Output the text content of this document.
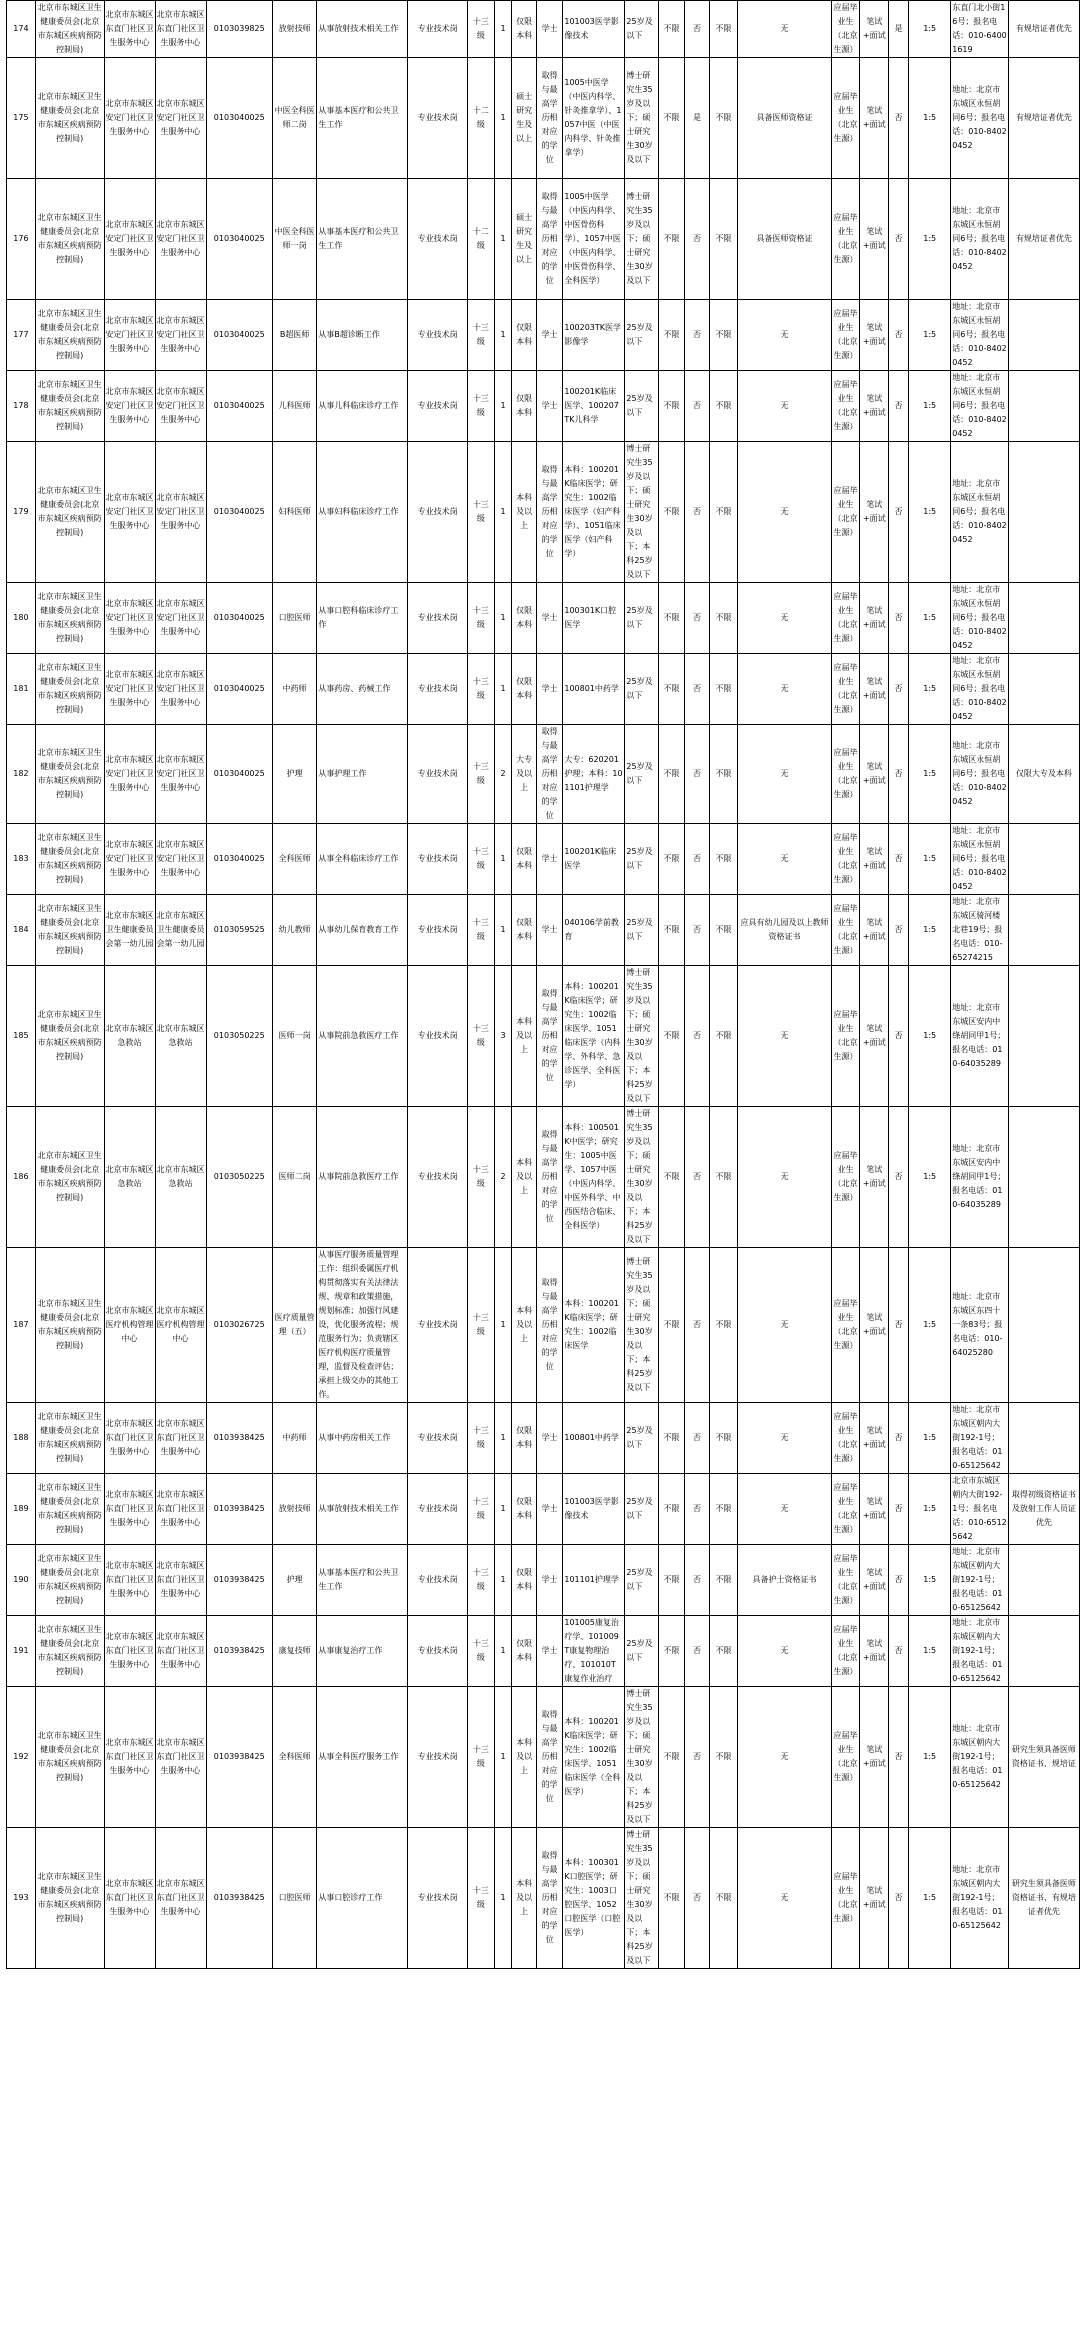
174	北京市东城区卫生健康委员会(北京市东城区疾病预防控制局)	北京市东城区东直门社区卫生服务中心	北京市东城区东直门社区卫生服务中心	0103039825	放射技师	从事放射技术相关工作	专业技术岗	十三级	1	仅限本科	学士	101003医学影像技术	25岁及以下	不限	否	不限	无	应届毕业生（北京生源）	笔试+面试	是	1:5	东直门北小街16号；报名电话：010-64001619	有规培证者优先
175	北京市东城区卫生健康委员会(北京市东城区疾病预防控制局)	北京市东城区安定门社区卫生服务中心	北京市东城区安定门社区卫生服务中心	0103040025	中医全科医师二岗	从事基本医疗和公共卫生工作	专业技术岗	十二级	1	硕士研究生及以上	取得与最高学历相对应的学位	1005中医学（中医内科学、针灸推拿学）、1057中医（中医内科学、针灸推拿学）	博士研究生35岁及以下；硕士研究生30岁及以下	不限	是	不限	具备医师资格证	应届毕业生（北京生源）	笔试+面试	否	1:5	地址：北京市东城区永恒胡同6号；报名电话：010-84020452	有规培证者优先
176	北京市东城区卫生健康委员会(北京市东城区疾病预防控制局)	北京市东城区安定门社区卫生服务中心	北京市东城区安定门社区卫生服务中心	0103040025	中医全科医师一岗	从事基本医疗和公共卫生工作	专业技术岗	十二级	1	硕士研究生及以上	取得与最高学历相对应的学位	1005中医学（中医内科学、中医骨伤科学）、1057中医（中医内科学、中医骨伤科学、全科医学）	博士研究生35岁及以下；硕士研究生30岁及以下	不限	否	不限	具备医师资格证	应届毕业生（北京生源）	笔试+面试	否	1:5	地址：北京市东城区永恒胡同6号；报名电话：010-84020452	有规培证者优先
177	北京市东城区卫生健康委员会(北京市东城区疾病预防控制局)	北京市东城区安定门社区卫生服务中心	北京市东城区安定门社区卫生服务中心	0103040025	B超医师	从事B超诊断工作	专业技术岗	十三级	1	仅限本科	学士	100203TK医学影像学	25岁及以下	不限	否	不限	无	应届毕业生（北京生源）	笔试+面试	否	1:5	地址：北京市东城区永恒胡同6号；报名电话：010-84020452	
178	北京市东城区卫生健康委员会(北京市东城区疾病预防控制局)	北京市东城区安定门社区卫生服务中心	北京市东城区安定门社区卫生服务中心	0103040025	儿科医师	从事儿科临床诊疗工作	专业技术岗	十三级	1	仅限本科	学士	100201K临床医学、100207TK儿科学	25岁及以下	不限	否	不限	无	应届毕业生（北京生源）	笔试+面试	否	1:5	地址：北京市东城区永恒胡同6号；报名电话：010-84020452	
179	北京市东城区卫生健康委员会(北京市东城区疾病预防控制局)	北京市东城区安定门社区卫生服务中心	北京市东城区安定门社区卫生服务中心	0103040025	妇科医师	从事妇科临床诊疗工作	专业技术岗	十三级	1	本科及以上	取得与最高学历相对应的学位	本科：100201K临床医学；研究生：1002临床医学（妇产科学）、1051临床医学（妇产科学）	博士研究生35岁及以下；硕士研究生30岁及以下；本科25岁及以下	不限	否	不限	无	应届毕业生（北京生源）	笔试+面试	否	1:5	地址：北京市东城区永恒胡同6号；报名电话：010-84020452	
180	北京市东城区卫生健康委员会(北京市东城区疾病预防控制局)	北京市东城区安定门社区卫生服务中心	北京市东城区安定门社区卫生服务中心	0103040025	口腔医师	从事口腔科临床诊疗工作	专业技术岗	十三级	1	仅限本科	学士	100301K口腔医学	25岁及以下	不限	否	不限	无	应届毕业生（北京生源）	笔试+面试	否	1:5	地址：北京市东城区永恒胡同6号；报名电话：010-84020452	
181	北京市东城区卫生健康委员会(北京市东城区疾病预防控制局)	北京市东城区安定门社区卫生服务中心	北京市东城区安定门社区卫生服务中心	0103040025	中药师	从事药房、药械工作	专业技术岗	十三级	1	仅限本科	学士	100801中药学	25岁及以下	不限	否	不限	无	应届毕业生（北京生源）	笔试+面试	否	1:5	地址：北京市东城区永恒胡同6号；报名电话：010-84020452	
182	北京市东城区卫生健康委员会(北京市东城区疾病预防控制局)	北京市东城区安定门社区卫生服务中心	北京市东城区安定门社区卫生服务中心	0103040025	护理	从事护理工作	专业技术岗	十三级	2	大专及以上	取得与最高学历相对应的学位	大专：620201护理；本科：101101护理学	25岁及以下	不限	否	不限	无	应届毕业生（北京生源）	笔试+面试	否	1:5	地址：北京市东城区永恒胡同6号；报名电话：010-84020452	仅限大专及本科
183	北京市东城区卫生健康委员会(北京市东城区疾病预防控制局)	北京市东城区安定门社区卫生服务中心	北京市东城区安定门社区卫生服务中心	0103040025	全科医师	从事全科临床诊疗工作	专业技术岗	十三级	1	仅限本科	学士	100201K临床医学	25岁及以下	不限	否	不限	无	应届毕业生（北京生源）	笔试+面试	否	1:5	地址：北京市东城区永恒胡同6号；报名电话：010-84020452	
184	北京市东城区卫生健康委员会(北京市东城区疾病预防控制局)	北京市东城区卫生健康委员会第一幼儿园	北京市东城区卫生健康委员会第一幼儿园	0103059525	幼儿教师	从事幼儿保育教育工作	专业技术岗	十三级	1	仅限本科	学士	040106学前教育	25岁及以下	不限	否	不限	应具有幼儿园及以上教师资格证书	应届毕业生（北京生源）	笔试+面试	否	1:5	地址：北京市东城区骑河楼北巷19号；报名电话：010-65274215	
185	北京市东城区卫生健康委员会(北京市东城区疾病预防控制局)	北京市东城区急救站	北京市东城区急救站	0103050225	医师一岗	从事院前急救医疗工作	专业技术岗	十三级	3	本科及以上	取得与最高学历相对应的学位	本科：100201K临床医学；研究生：1002临床医学、1051临床医学（内科学、外科学、急诊医学、全科医学）	博士研究生35岁及以下；硕士研究生30岁及以下；本科25岁及以下	不限	否	不限	无	应届毕业生（北京生源）	笔试+面试	否	1:5	地址：北京市东城区安内中绦胡同甲1号；报名电话：010-64035289	
186	北京市东城区卫生健康委员会(北京市东城区疾病预防控制局)	北京市东城区急救站	北京市东城区急救站	0103050225	医师二岗	从事院前急救医疗工作	专业技术岗	十三级	2	本科及以上	取得与最高学历相对应的学位	本科：100501K中医学；研究生：1005中医学、1057中医（中医内科学、中医外科学、中西医结合临床、全科医学）	博士研究生35岁及以下；硕士研究生30岁及以下；本科25岁及以下	不限	否	不限	无	应届毕业生（北京生源）	笔试+面试	否	1:5	地址：北京市东城区安内中绦胡同甲1号；报名电话：010-64035289	
187	北京市东城区卫生健康委员会(北京市东城区疾病预防控制局)	北京市东城区医疗机构管理中心	北京市东城区医疗机构管理中心	0103026725	医疗质量管理（五）	从事医疗服务质量管理工作：组织委属医疗机构贯彻落实有关法律法规、规章和政策措施，规划标准；加强行风建设，优化服务流程；规范服务行为；负责辖区医疗机构医疗质量管理，监督及检查评估；承担上级交办的其他工作。	专业技术岗	十三级	1	本科及以上	取得与最高学历相对应的学位	本科：100201K临床医学；研究生：1002临床医学	博士研究生35岁及以下；硕士研究生30岁及以下；本科25岁及以下	不限	否	不限	无	应届毕业生（北京生源）	笔试+面试	否	1:5	地址：北京市东城区东四十一条83号；报名电话：010-64025280	
188	北京市东城区卫生健康委员会(北京市东城区疾病预防控制局)	北京市东城区东直门社区卫生服务中心	北京市东城区东直门社区卫生服务中心	0103938425	中药师	从事中药房相关工作	专业技术岗	十三级	1	仅限本科	学士	100801中药学	25岁及以下	不限	否	不限	无	应届毕业生（北京生源）	笔试+面试	否	1:5	地址：北京市东城区朝内大街192-1号；报名电话：010-65125642	
189	北京市东城区卫生健康委员会(北京市东城区疾病预防控制局)	北京市东城区东直门社区卫生服务中心	北京市东城区东直门社区卫生服务中心	0103938425	放射技师	从事放射技术相关工作	专业技术岗	十三级	1	仅限本科	学士	101003医学影像技术	25岁及以下	不限	否	不限	无	应届毕业生（北京生源）	笔试+面试	否	1:5	北京市东城区朝内大街192-1号；报名电话：010-65125642	取得初级资格证书及放射工作人员证优先
190	北京市东城区卫生健康委员会(北京市东城区疾病预防控制局)	北京市东城区东直门社区卫生服务中心	北京市东城区东直门社区卫生服务中心	0103938425	护理	从事基本医疗和公共卫生工作	专业技术岗	十三级	1	仅限本科	学士	101101护理学	25岁及以下	不限	否	不限	具备护士资格证书	应届毕业生（北京生源）	笔试+面试	否	1:5	地址：北京市东城区朝内大街192-1号；报名电话：010-65125642	
191	北京市东城区卫生健康委员会(北京市东城区疾病预防控制局)	北京市东城区东直门社区卫生服务中心	北京市东城区东直门社区卫生服务中心	0103938425	康复技师	从事康复治疗工作	专业技术岗	十三级	1	仅限本科	学士	101005康复治疗学、101009T康复物理治疗、101010T康复作业治疗	25岁及以下	不限	否	不限	无	应届毕业生（北京生源）	笔试+面试	否	1:5	地址：北京市东城区朝内大街192-1号；报名电话：010-65125642	
192	北京市东城区卫生健康委员会(北京市东城区疾病预防控制局)	北京市东城区东直门社区卫生服务中心	北京市东城区东直门社区卫生服务中心	0103938425	全科医师	从事全科医疗服务工作	专业技术岗	十三级	1	本科及以上	取得与最高学历相对应的学位	本科：100201K临床医学；研究生：1002临床医学、1051临床医学（全科医学）	博士研究生35岁及以下；硕士研究生30岁及以下；本科25岁及以下	不限	否	不限	无	应届毕业生（北京生源）	笔试+面试	否	1:5	地址：北京市东城区朝内大街192-1号；报名电话：010-65125642	研究生须具备医师资格证书、规培证
193	北京市东城区卫生健康委员会(北京市东城区疾病预防控制局)	北京市东城区东直门社区卫生服务中心	北京市东城区东直门社区卫生服务中心	0103938425	口腔医师	从事口腔诊疗工作	专业技术岗	十三级	1	本科及以上	取得与最高学历相对应的学位	本科：100301K口腔医学；研究生：1003口腔医学、1052口腔医学（口腔医学）	博士研究生35岁及以下；硕士研究生30岁及以下；本科25岁及以下	不限	否	不限	无	应届毕业生（北京生源）	笔试+面试	否	1:5	地址：北京市东城区朝内大街192-1号；报名电话：010-65125642	研究生须具备医师资格证书、有规培证者优先
